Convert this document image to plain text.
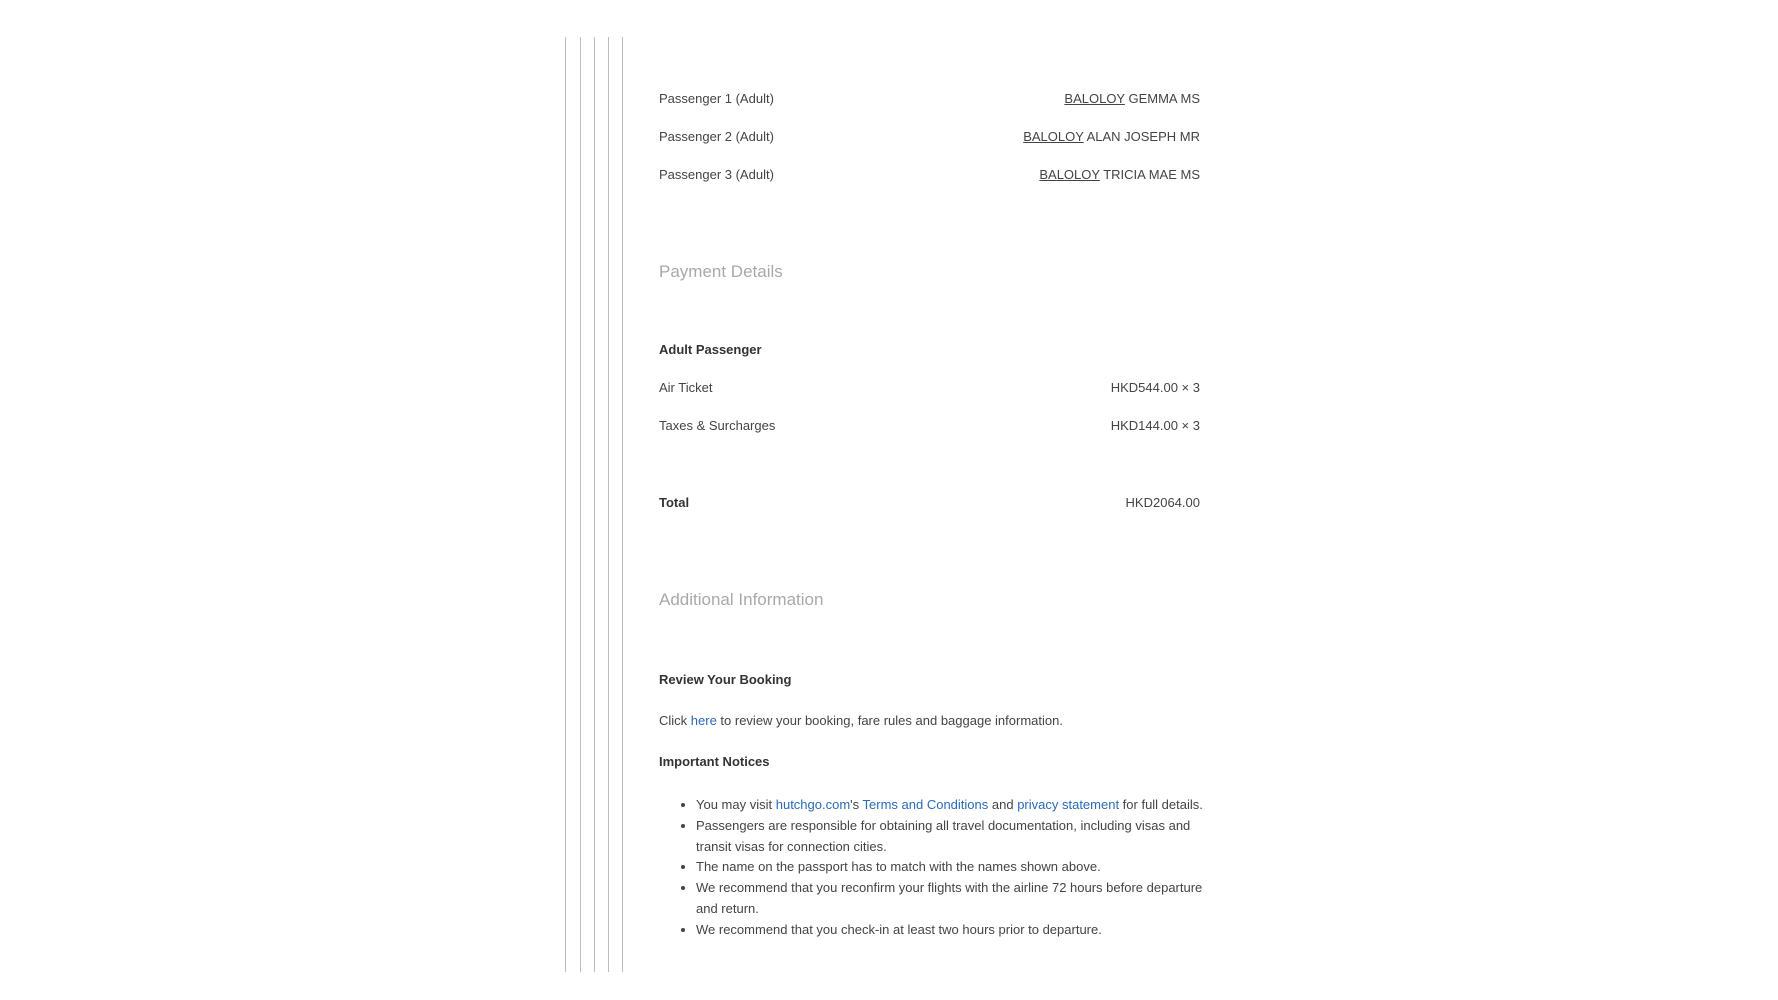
Passenger 1 (Adult)	BALOLOY GEMMA MS
Passenger 2 (Adult)	BALOLOY ALAN JOSEPH MR
Passenger 3 (Adult)	BALOLOY TRICIA MAE MS
Payment Details
Adult Passenger
Air Ticket	HKD544.00 × 3
Taxes & Surcharges	HKD144.00 × 3
Total	HKD2064.00
Additional Information
Review Your Booking
Click here to review your booking, fare rules and baggage information.
Important Notices
• You may visit hutchgo.com's Terms and Conditions and privacy statement for full details.
• Passengers are responsible for obtaining all travel documentation, including visas and transit visas for connection cities.
• The name on the passport has to match with the names shown above.
• We recommend that you reconfirm your flights with the airline 72 hours before departure and return.
• We recommend that you check-in at least two hours prior to departure.
